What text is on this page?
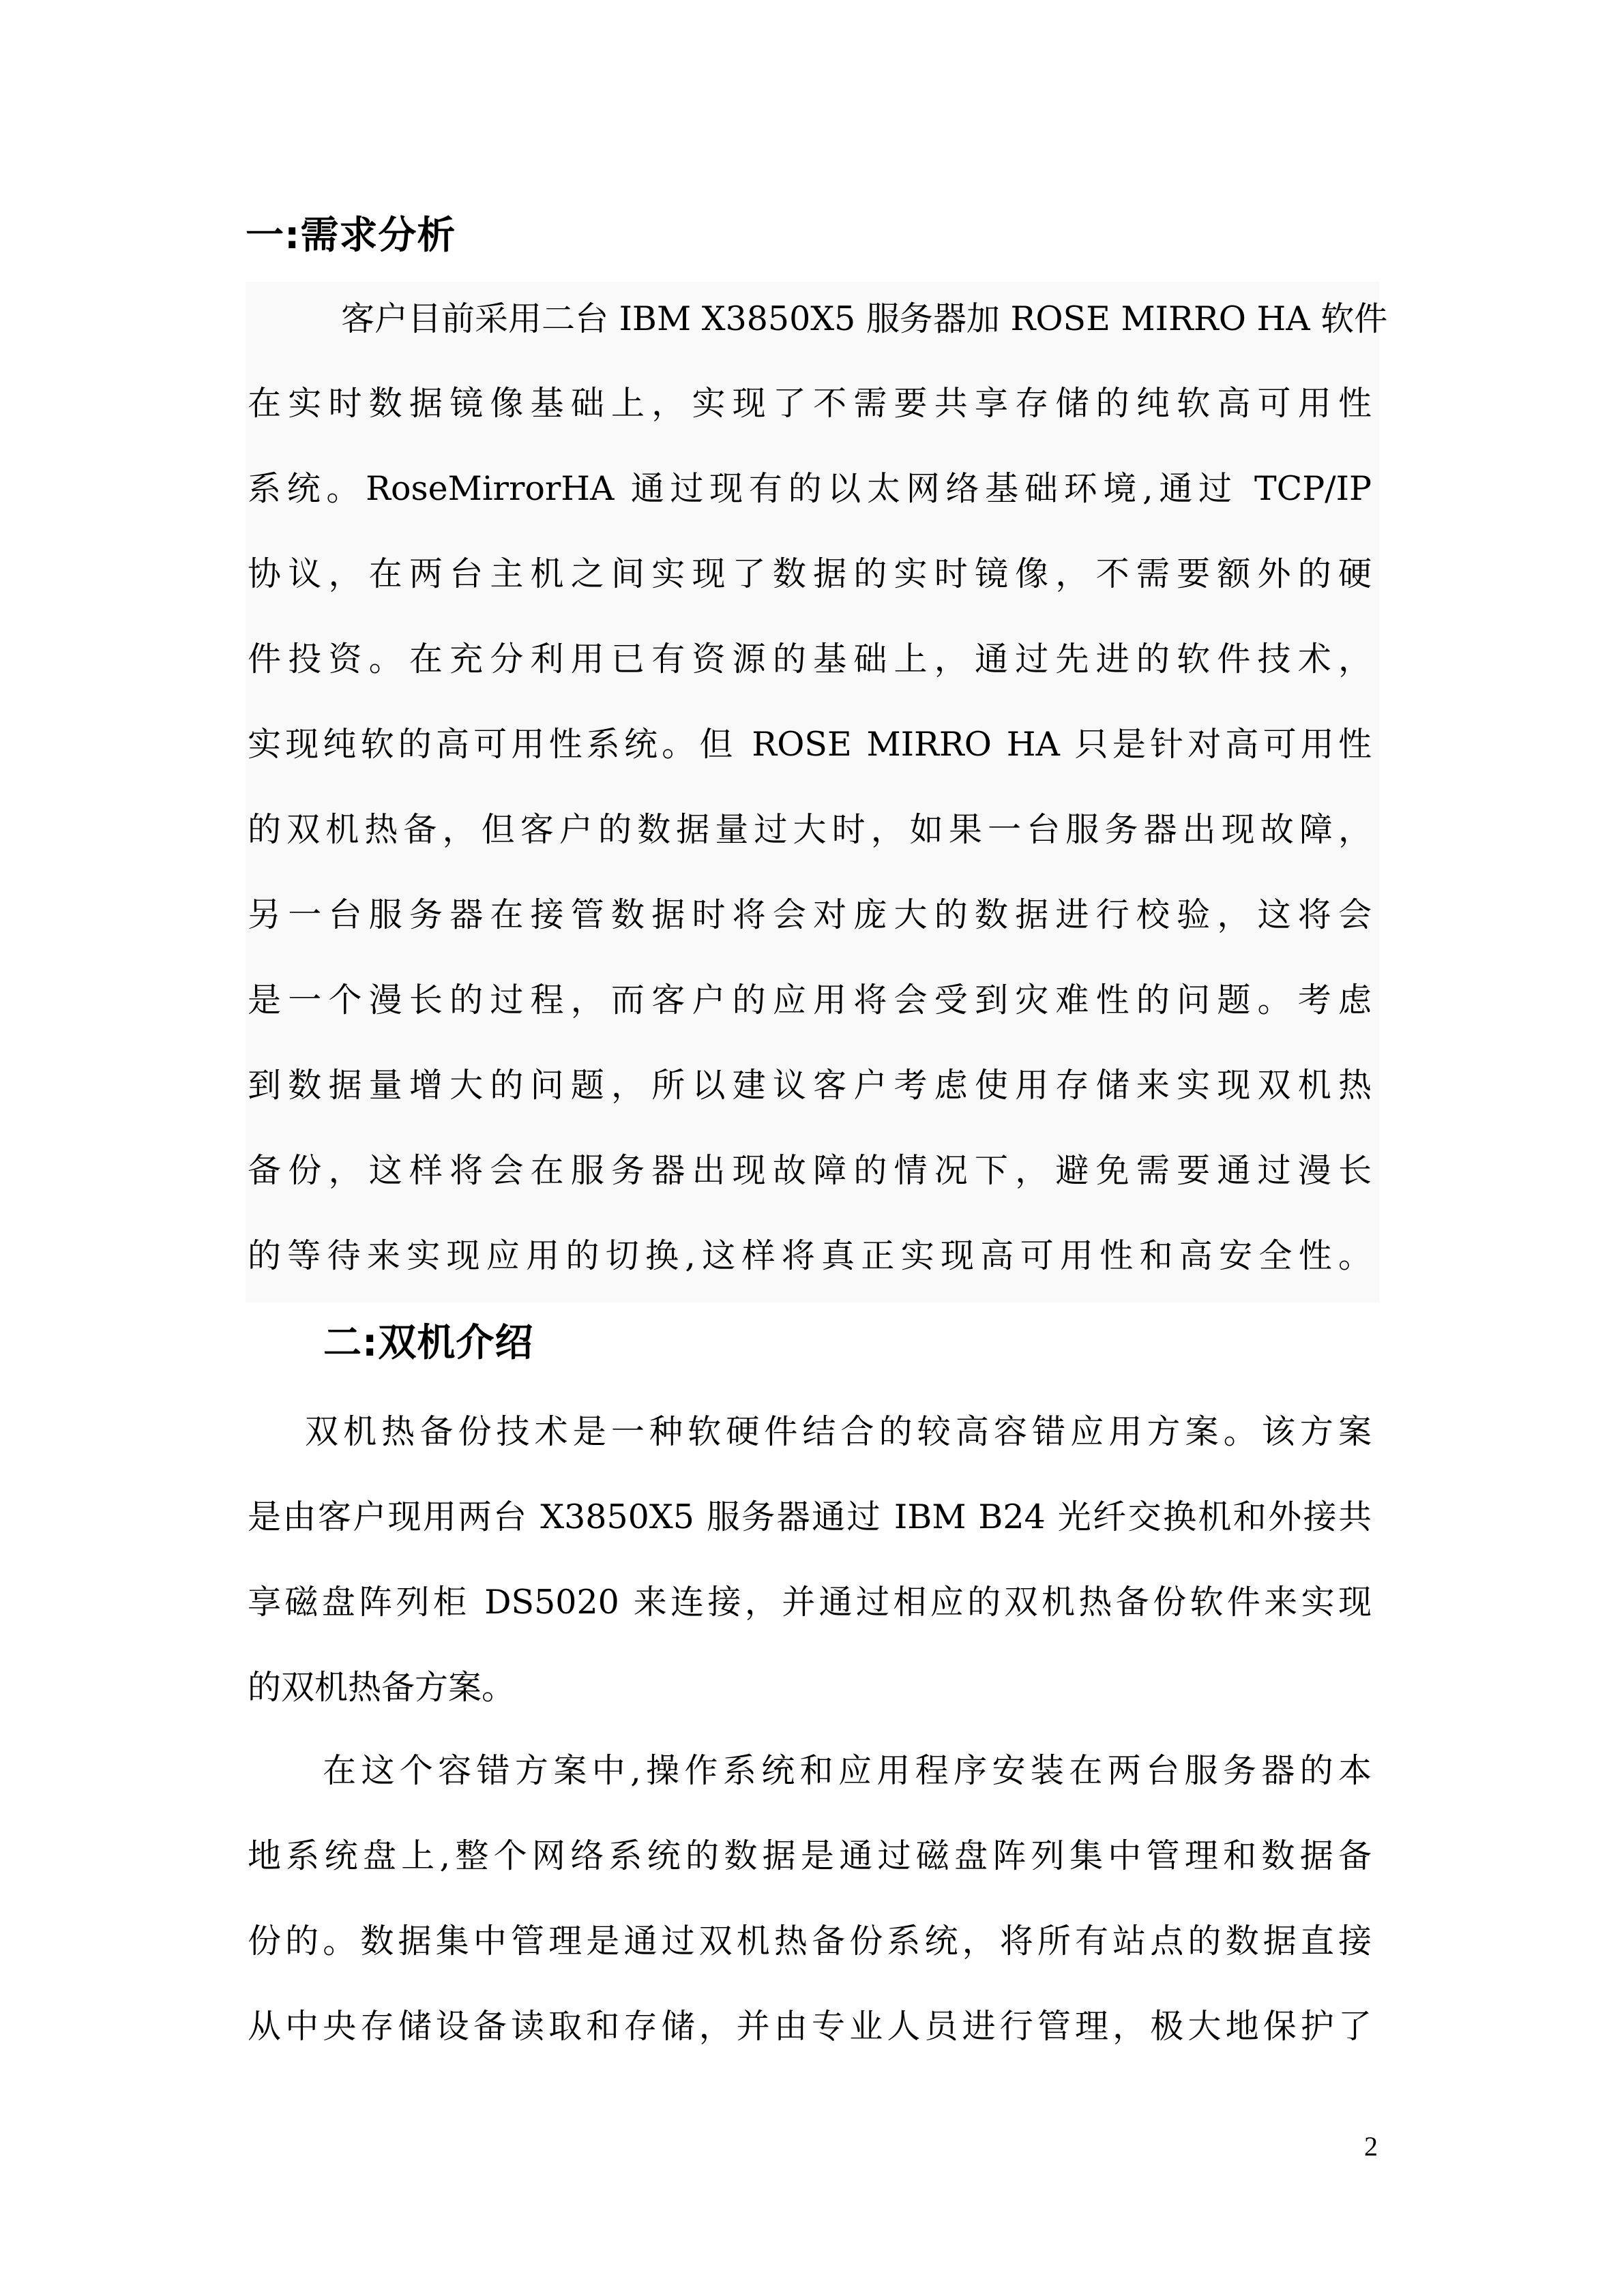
一:需求分析
客户目前采用二台 IBM X3850X5 服务器加 ROSE MIRRO HA 软件
在实时数据镜像基础上，实现了不需要共享存储的纯软高可用性
系统。RoseMirrorHA 通过现有的以太网络基础环境,通过 TCP/IP
协议，在两台主机之间实现了数据的实时镜像，不需要额外的硬
件投资。在充分利用已有资源的基础上，通过先进的软件技术，
实现纯软的高可用性系统。但 ROSE MIRRO HA 只是针对高可用性
的双机热备，但客户的数据量过大时，如果一台服务器出现故障，
另一台服务器在接管数据时将会对庞大的数据进行校验，这将会
是一个漫长的过程，而客户的应用将会受到灾难性的问题。考虑
到数据量增大的问题，所以建议客户考虑使用存储来实现双机热
备份，这样将会在服务器出现故障的情况下，避免需要通过漫长
的等待来实现应用的切换,这样将真正实现高可用性和高安全性。
二:双机介绍
双机热备份技术是一种软硬件结合的较高容错应用方案。该方案
是由客户现用两台 X3850X5 服务器通过 IBM B24 光纤交换机和外接共
享磁盘阵列柜 DS5020 来连接，并通过相应的双机热备份软件来实现
的双机热备方案。
在这个容错方案中,操作系统和应用程序安装在两台服务器的本
地系统盘上,整个网络系统的数据是通过磁盘阵列集中管理和数据备
份的。数据集中管理是通过双机热备份系统，将所有站点的数据直接
从中央存储设备读取和存储，并由专业人员进行管理，极大地保护了
2
